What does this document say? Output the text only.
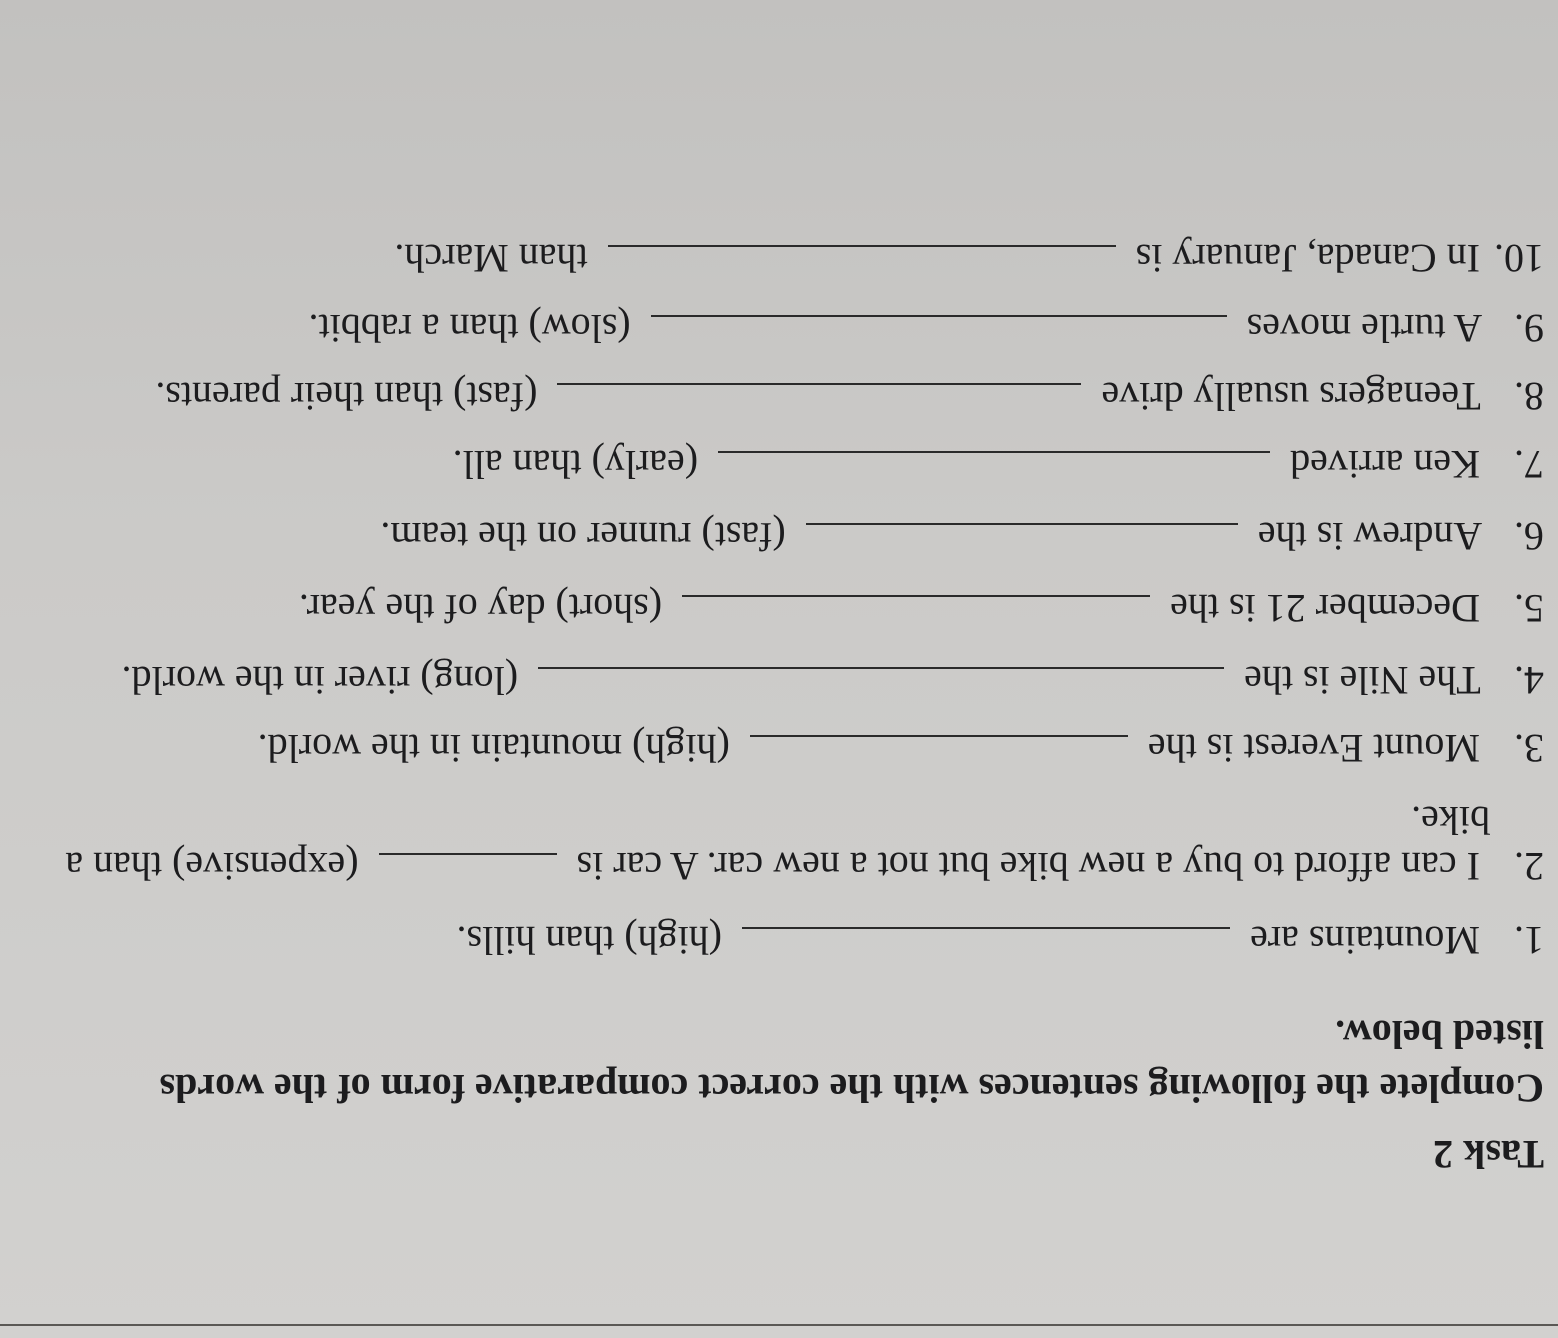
Task 2
Complete the following sentences with the correct comparative form of the words listed below.
1. Mountains are  (high) than hills.
2. I can afford to buy a new bike but not a new car. A car is  (expensive) than a
bike.
3. Mount Everest is the  (high) mountain in the world.
4. The Nile is the  (long) river in the world.
5. December 21 is the  (short) day of the year.
6. Andrew is the  (fast) runner on the team.
7. Ken arrived  (early) than all.
8. Teenagers usually drive  (fast) than their parents.
9. A turtle moves  (slow) than a rabbit.
10. In Canada, January is  than March.
